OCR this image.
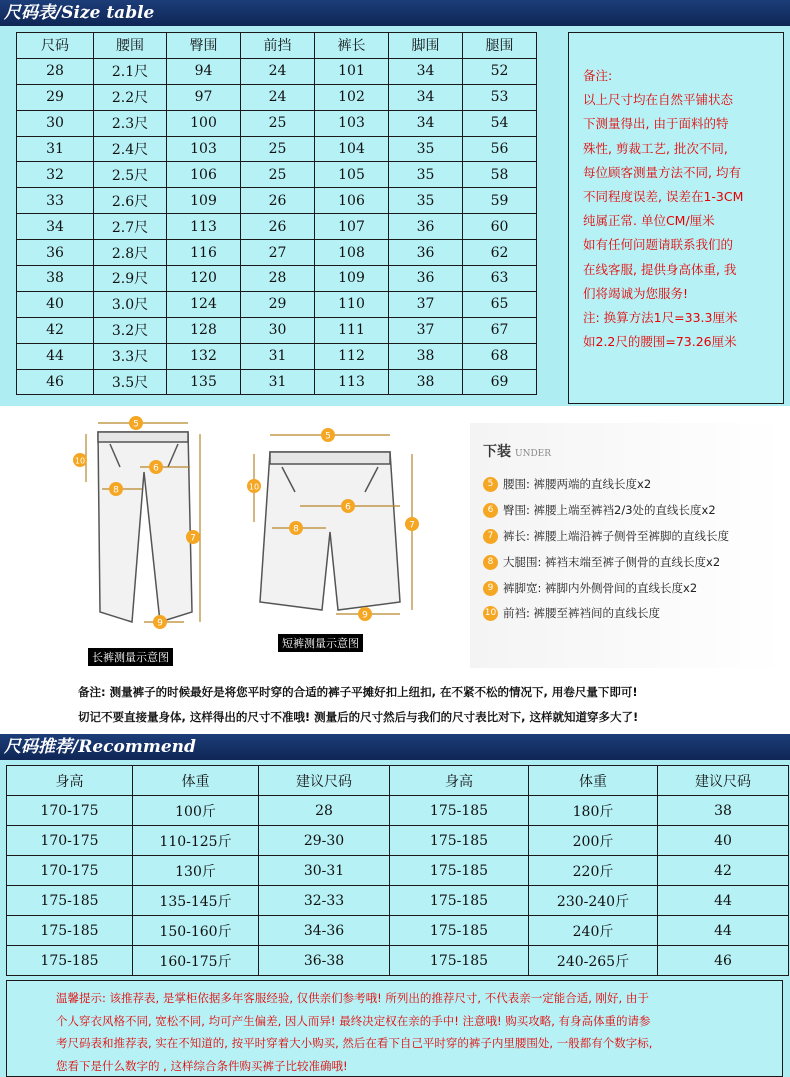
尺码表/Size table
尺码	腰围	臀围	前挡	裤长	脚围	腿围
28	2.1尺	94	24	101	34	52
29	2.2尺	97	24	102	34	53
30	2.3尺	100	25	103	34	54
31	2.4尺	103	25	104	35	56
32	2.5尺	106	25	105	35	58
33	2.6尺	109	26	106	35	59
34	2.7尺	113	26	107	36	60
36	2.8尺	116	27	108	36	62
38	2.9尺	120	28	109	36	63
40	3.0尺	124	29	110	37	65
42	3.2尺	128	30	111	37	67
44	3.3尺	132	31	112	38	68
46	3.5尺	135	31	113	38	69
备注:
以上尺寸均在自然平铺状态
下测量得出, 由于面料的特
殊性, 剪裁工艺, 批次不同,
每位顾客测量方法不同, 均有
不同程度误差, 误差在1-3CM
纯属正常. 单位CM/厘米
如有任何问题请联系我们的
在线客服, 提供身高体重, 我
们将竭诚为您服务!
注: 换算方法1尺=33.3厘米
如2.2尺的腰围=73.26厘米
5
10
6
8
7
9
5
10
6
8	7
9
长裤测量示意图
短裤测量示意图
下装 UNDER
5 腰围: 裤腰两端的直线长度x2
6 臀围: 裤腰上端至裤裆2/3处的直线长度x2
7 裤长: 裤腰上端沿裤子侧骨至裤脚的直线长度
8 大腿围: 裤裆末端至裤子侧骨的直线长度x2
9 裤脚宽: 裤脚内外侧骨间的直线长度x2
10 前裆: 裤腰至裤裆间的直线长度
备注: 测量裤子的时候最好是将您平时穿的合适的裤子平摊好扣上纽扣, 在不紧不松的情况下, 用卷尺量下即可!
切记不要直接量身体, 这样得出的尺寸不准哦! 测量后的尺寸然后与我们的尺寸表比对下, 这样就知道穿多大了!
尺码推荐/Recommend
身高	体重	建议尺码	身高	体重	建议尺码
170-175	100斤	28	175-185	180斤	38
170-175	110-125斤	29-30	175-185	200斤	40
170-175	130斤	30-31	175-185	220斤	42
175-185	135-145斤	32-33	175-185	230-240斤	44
175-185	150-160斤	34-36	175-185	240斤	44
175-185	160-175斤	36-38	175-185	240-265斤	46
温馨提示: 该推荐表, 是掌柜依据多年客服经验, 仅供亲们参考哦! 所列出的推荐尺寸, 不代表亲一定能合适, 刚好, 由于
个人穿衣风格不同, 宽松不同, 均可产生偏差, 因人而异! 最终决定权在亲的手中! 注意哦! 购买攻略, 有身高体重的请参
考尺码表和推荐表, 实在不知道的, 按平时穿着大小购买, 然后在看下自己平时穿的裤子内里腰围处, 一般都有个数字标,
您看下是什么数字的 , 这样综合条件购买裤子比较准确哦!
